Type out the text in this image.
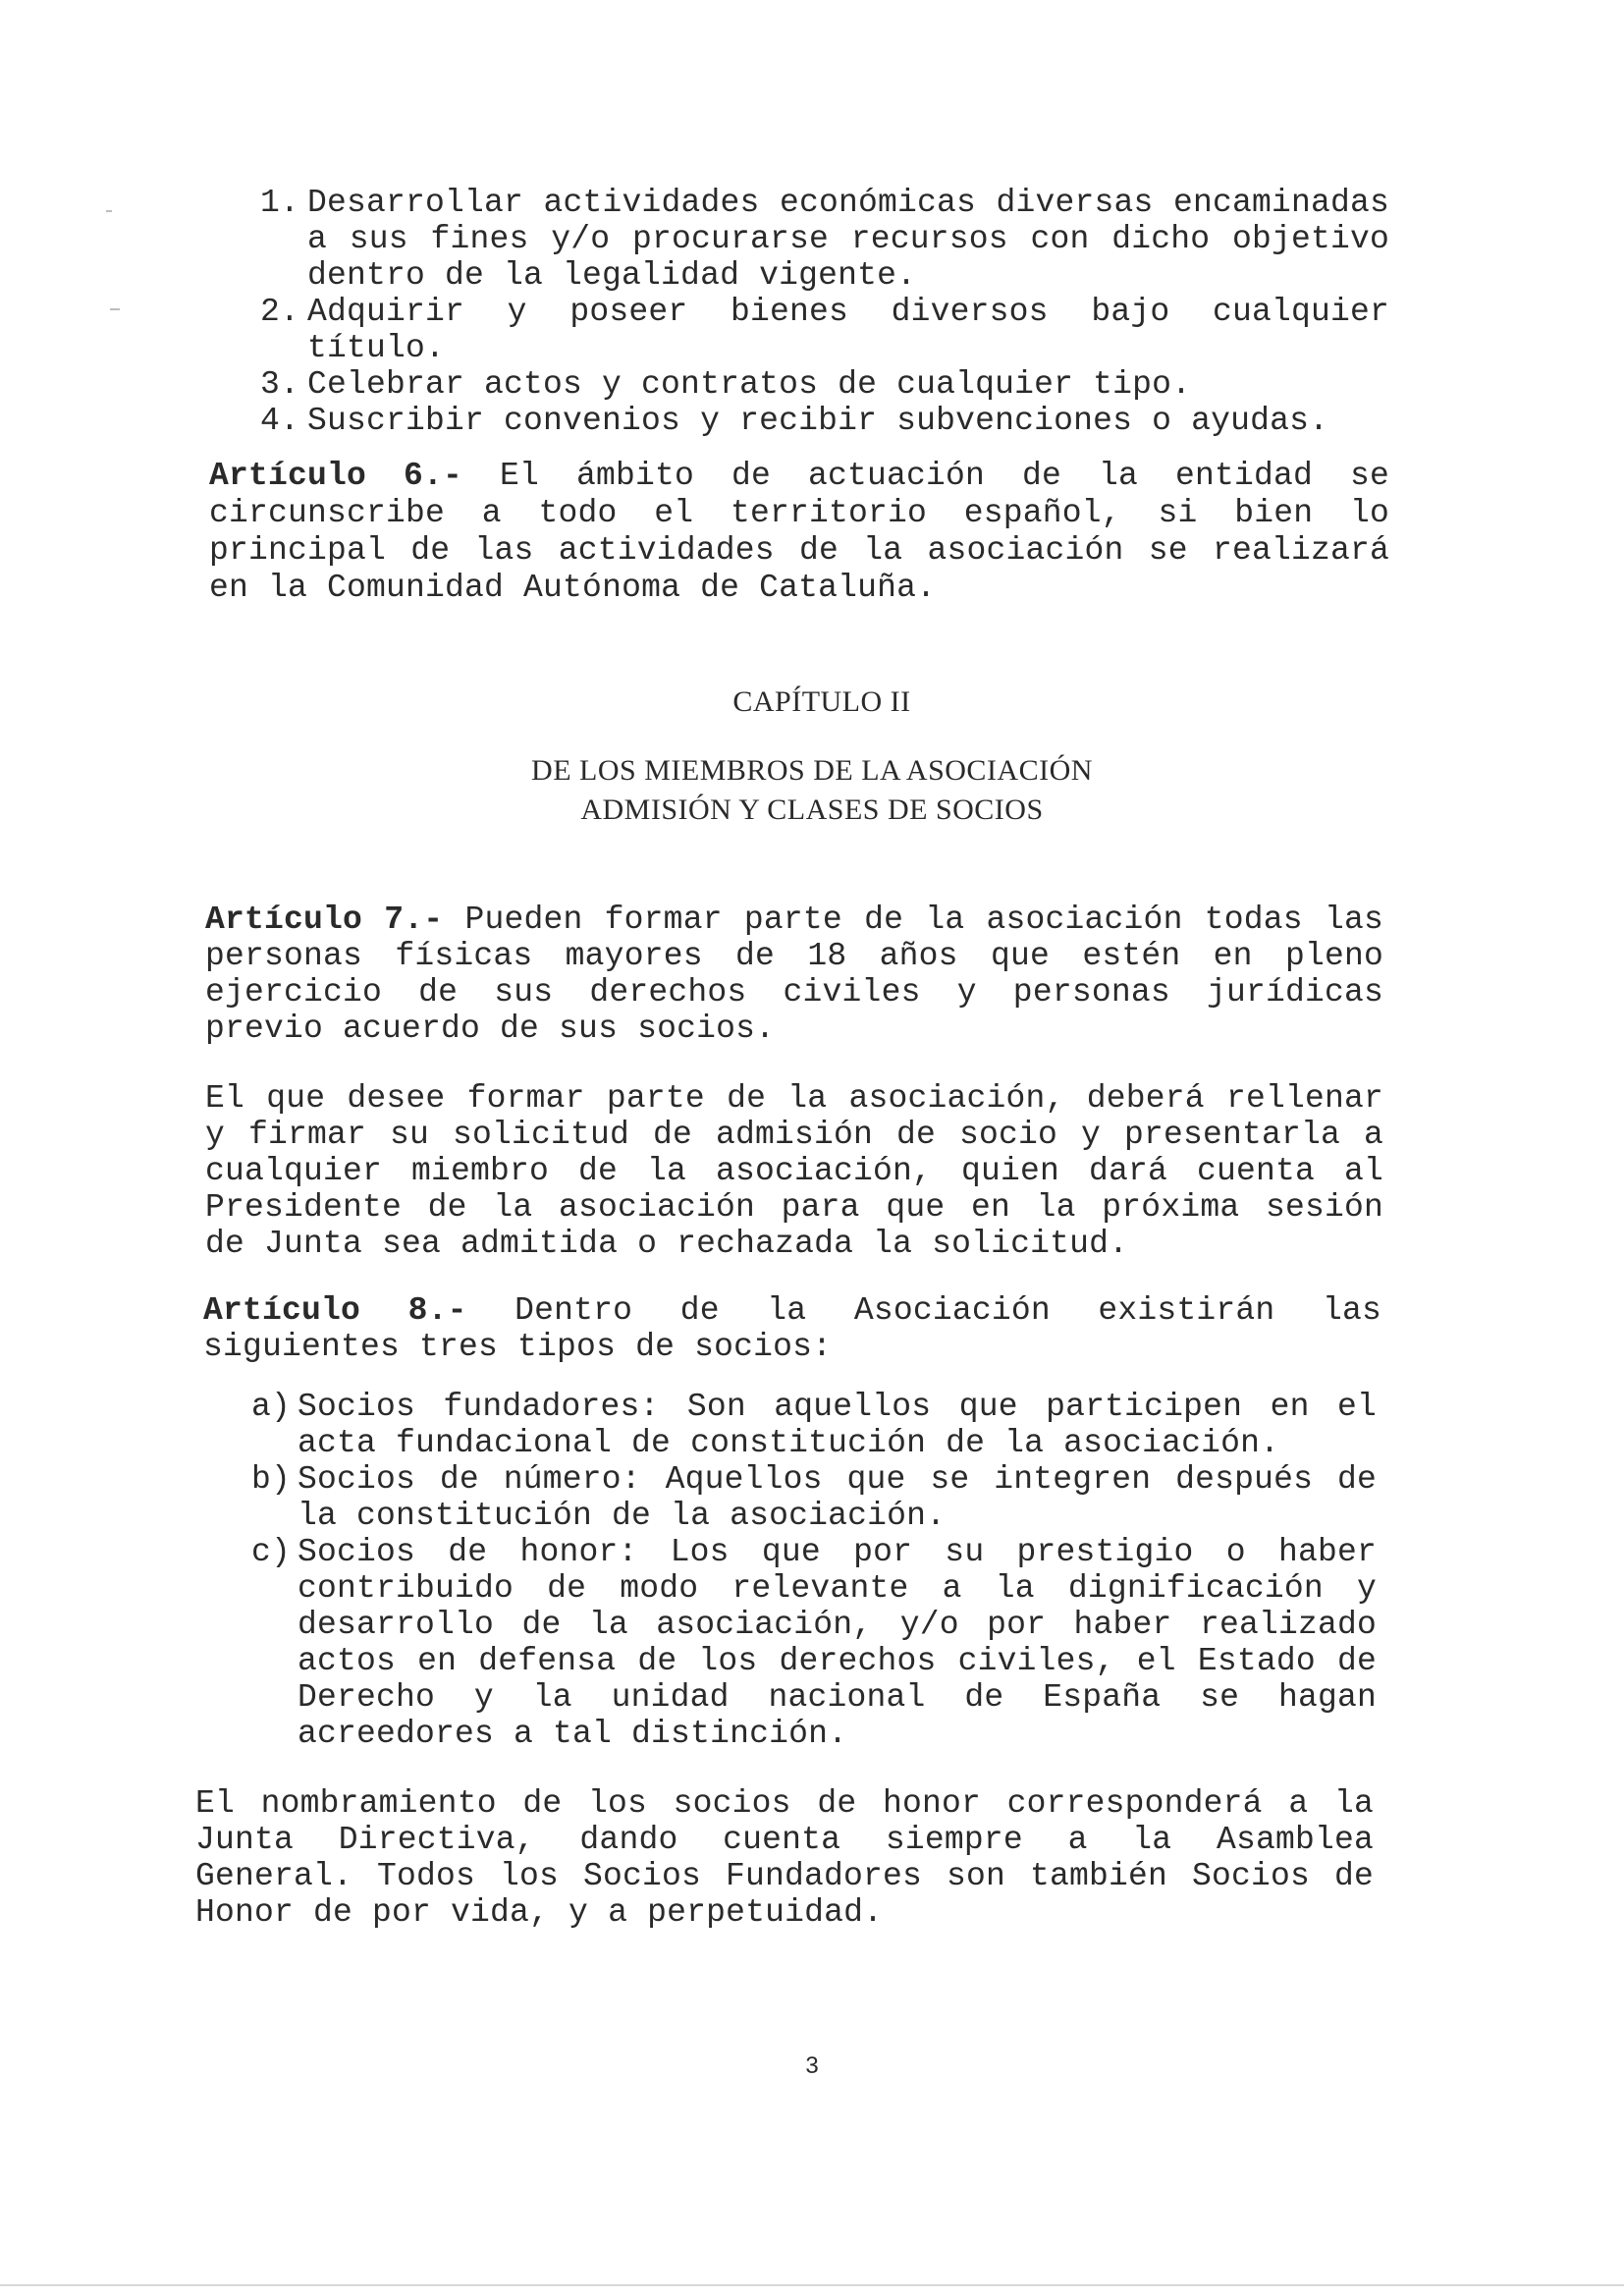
1. Desarrollar actividades económicas diversas encaminadas a sus fines y/o procurarse recursos con dicho objetivo dentro de la legalidad vigente.
2. Adquirir y poseer bienes diversos bajo cualquier título.
3. Celebrar actos y contratos de cualquier tipo.
4. Suscribir convenios y recibir subvenciones o ayudas.

Artículo 6.- El ámbito de actuación de la entidad se circunscribe a todo el territorio español, si bien lo principal de las actividades de la asociación se realizará en la Comunidad Autónoma de Cataluña.

CAPÍTULO II
DE LOS MIEMBROS DE LA ASOCIACIÓN
ADMISIÓN Y CLASES DE SOCIOS

Artículo 7.- Pueden formar parte de la asociación todas las personas físicas mayores de 18 años que estén en pleno ejercicio de sus derechos civiles y personas jurídicas previo acuerdo de sus socios.

El que desee formar parte de la asociación, deberá rellenar y firmar su solicitud de admisión de socio y presentarla a cualquier miembro de la asociación, quien dará cuenta al Presidente de la asociación para que en la próxima sesión de Junta sea admitida o rechazada la solicitud.

Artículo 8.- Dentro de la Asociación existirán las siguientes tres tipos de socios:

a) Socios fundadores: Son aquellos que participen en el acta fundacional de constitución de la asociación.
b) Socios de número: Aquellos que se integren después de la constitución de la asociación.
c) Socios de honor: Los que por su prestigio o haber contribuido de modo relevante a la dignificación y desarrollo de la asociación, y/o por haber realizado actos en defensa de los derechos civiles, el Estado de Derecho y la unidad nacional de España se hagan acreedores a tal distinción.

El nombramiento de los socios de honor corresponderá a la Junta Directiva, dando cuenta siempre a la Asamblea General. Todos los Socios Fundadores son también Socios de Honor de por vida, y a perpetuidad.

3
